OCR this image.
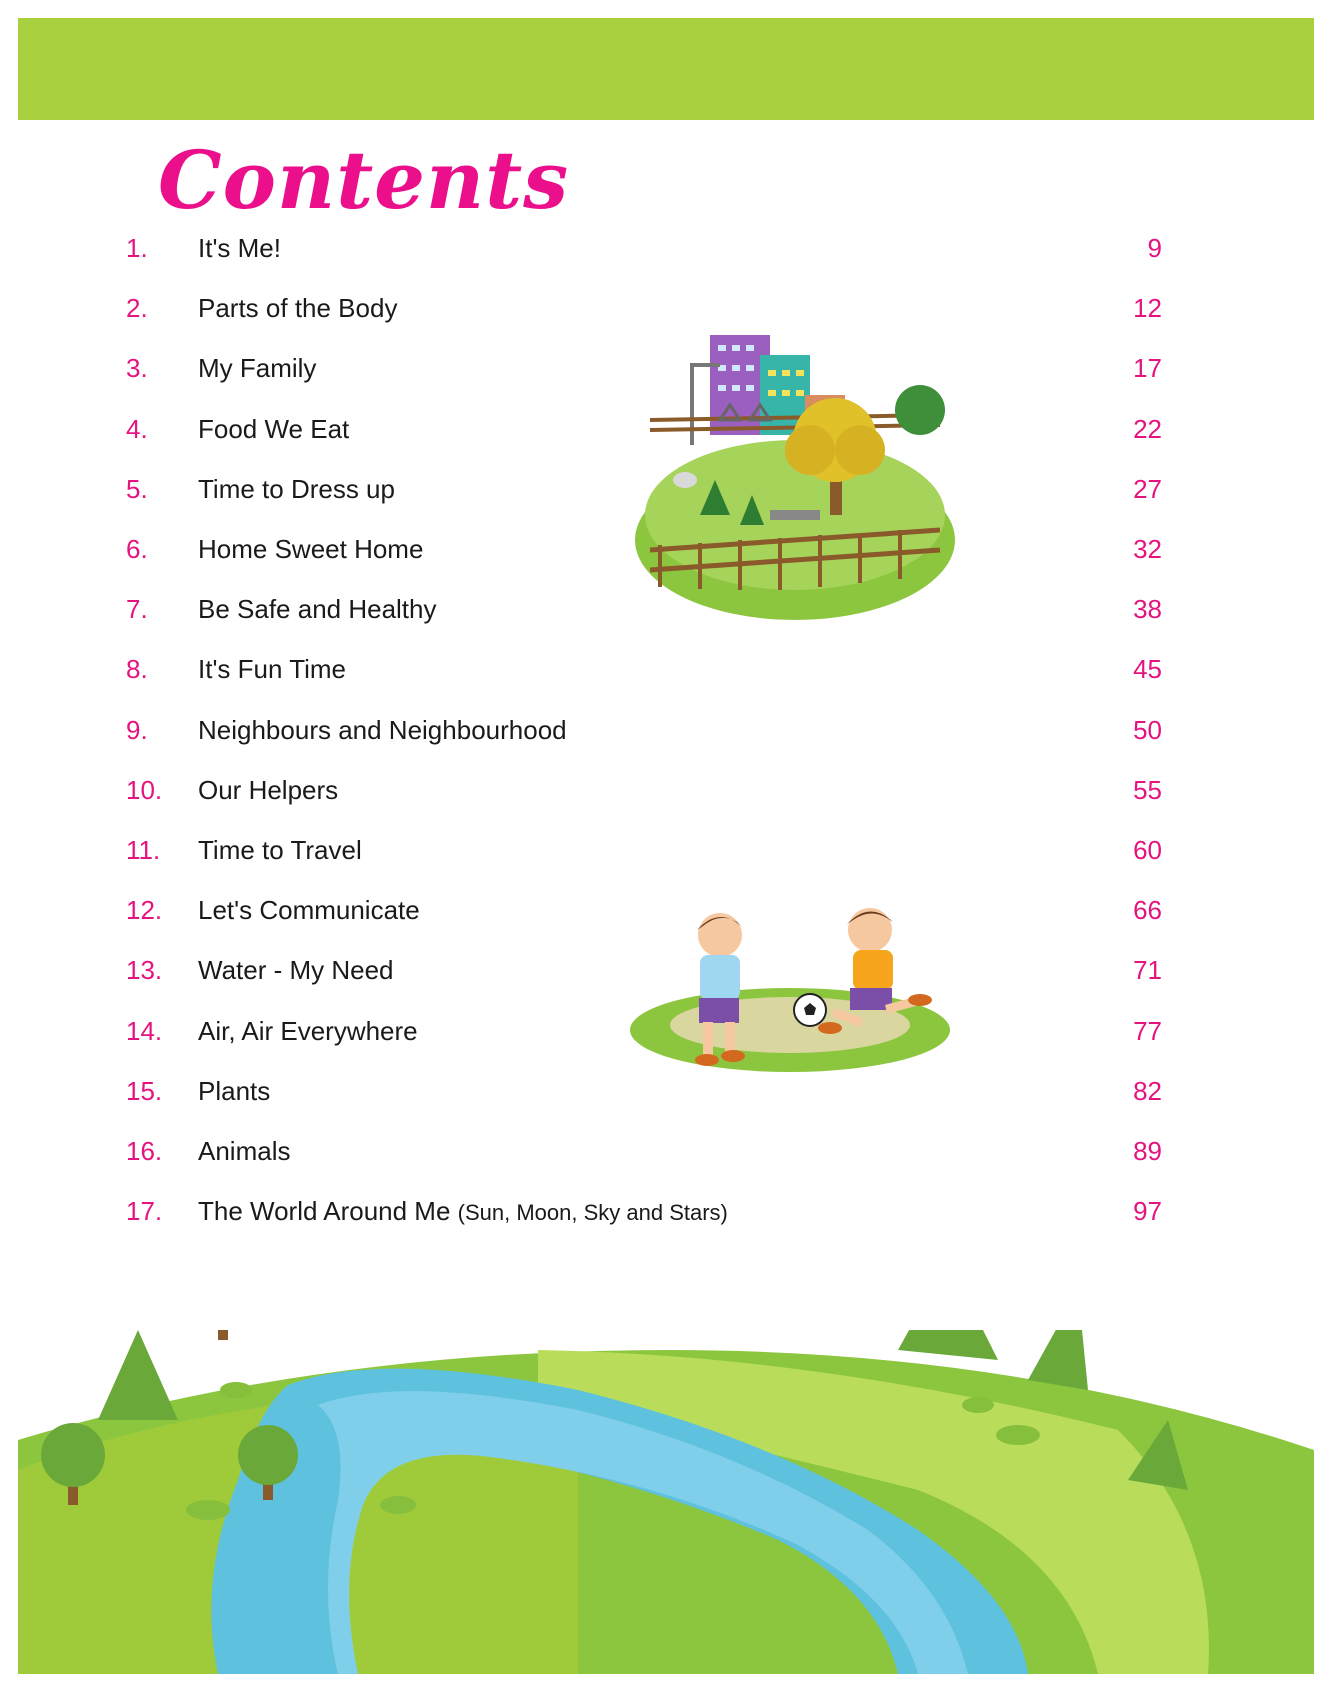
Contents
1. It's Me!	9
2. Parts of the Body	12
3. My Family	17
4. Food We Eat	22
5. Time to Dress up	27
6. Home Sweet Home	32
7. Be Safe and Healthy	38
8. It's Fun Time	45
9. Neighbours and Neighbourhood	50
10. Our Helpers	55
11. Time to Travel	60
12. Let's Communicate	66
13. Water - My Need	71
14. Air, Air Everywhere	77
15. Plants	82
16. Animals	89
17. The World Around Me (Sun, Moon, Sky and Stars)	97
